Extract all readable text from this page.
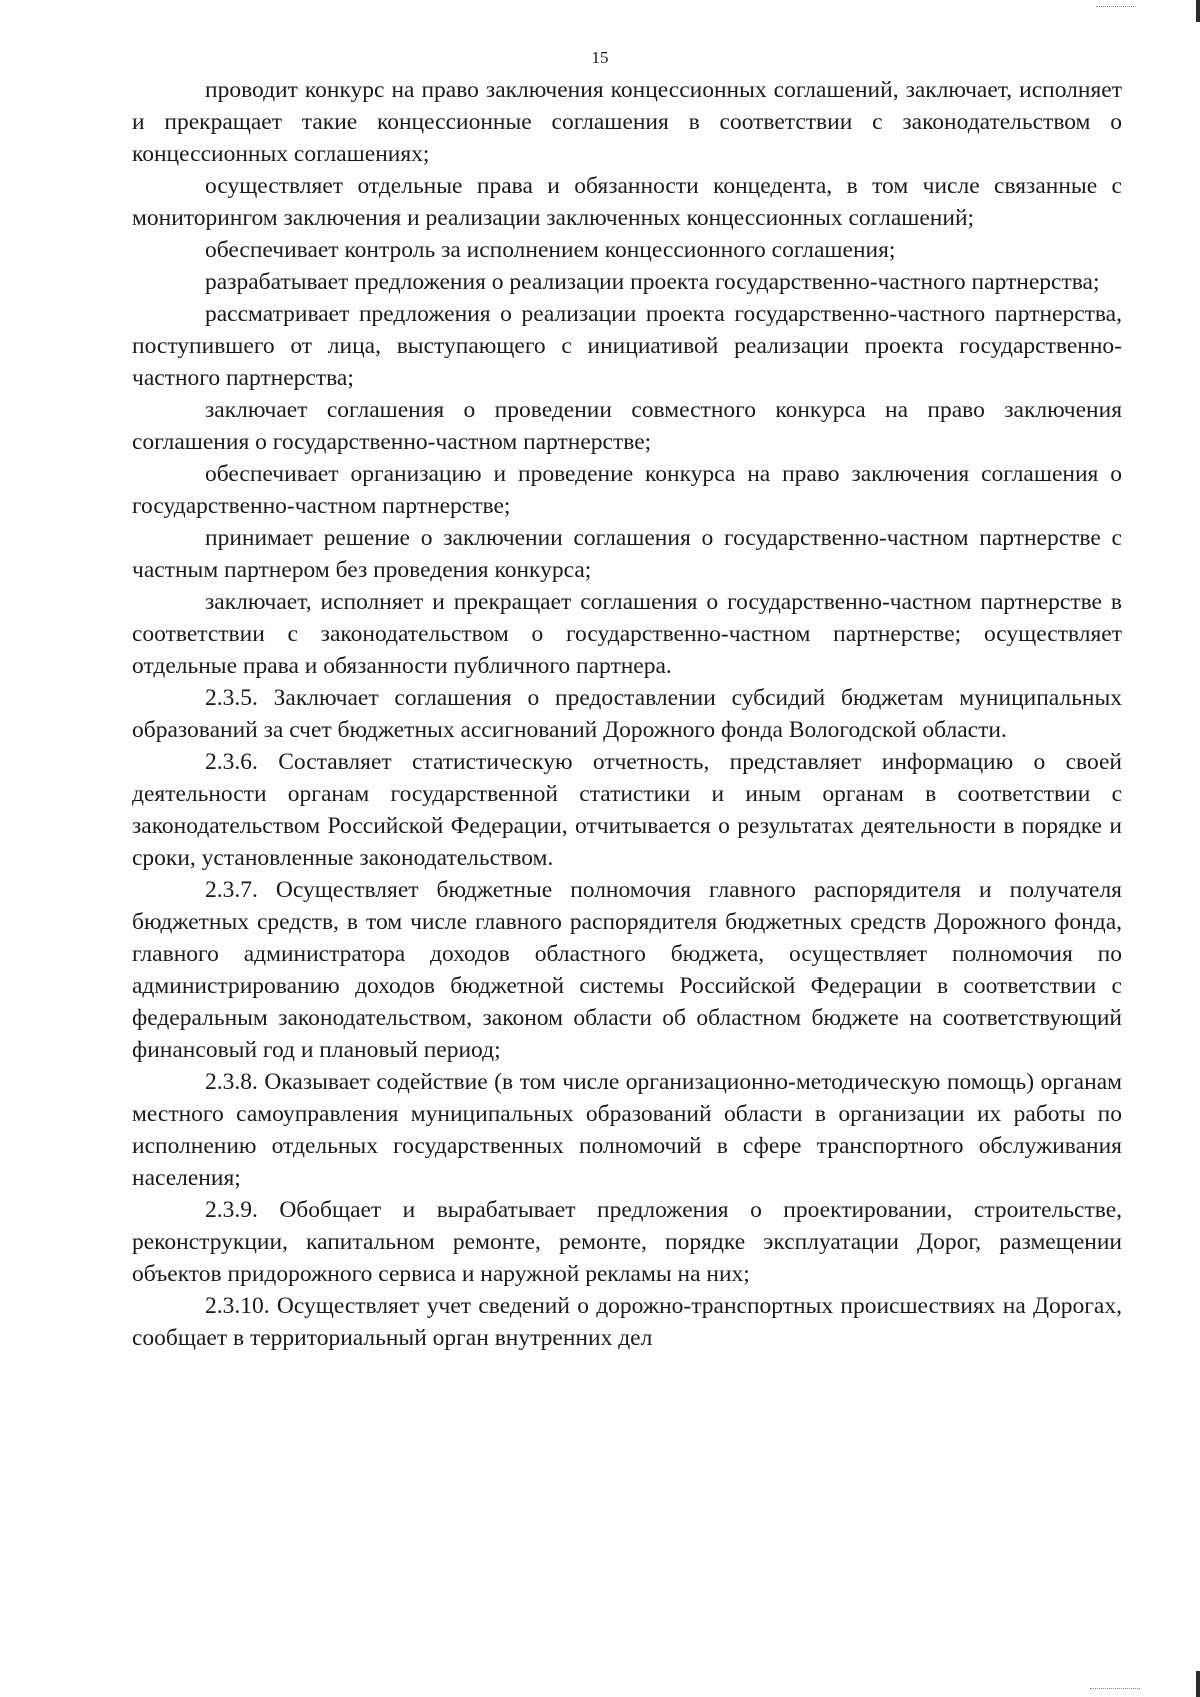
15

проводит конкурс на право заключения концессионных соглашений, заключает, исполняет и прекращает такие концессионные соглашения в соответствии с законодательством о концессионных соглашениях;

осуществляет отдельные права и обязанности концедента, в том числе связанные с мониторингом заключения и реализации заключенных концессионных соглашений;

обеспечивает контроль за исполнением концессионного соглашения;

разрабатывает предложения о реализации проекта государственно-частного партнерства;

рассматривает предложения о реализации проекта государственно-частного партнерства, поступившего от лица, выступающего с инициативой реализации проекта государственно-частного партнерства;

заключает соглашения о проведении совместного конкурса на право заключения соглашения о государственно-частном партнерстве;

обеспечивает организацию и проведение конкурса на право заключения соглашения о государственно-частном партнерстве;

принимает решение о заключении соглашения о государственно-частном партнерстве с частным партнером без проведения конкурса;

заключает, исполняет и прекращает соглашения о государственно-частном партнерстве в соответствии с законодательством о государственно-частном партнерстве; осуществляет отдельные права и обязанности публичного партнера.

2.3.5. Заключает соглашения о предоставлении субсидий бюджетам муниципальных образований за счет бюджетных ассигнований Дорожного фонда Вологодской области.

2.3.6. Составляет статистическую отчетность, представляет информацию о своей деятельности органам государственной статистики и иным органам в соответствии с законодательством Российской Федерации, отчитывается о результатах деятельности в порядке и сроки, установленные законодательством.

2.3.7. Осуществляет бюджетные полномочия главного распорядителя и получателя бюджетных средств, в том числе главного распорядителя бюджетных средств Дорожного фонда, главного администратора доходов областного бюджета, осуществляет полномочия по администрированию доходов бюджетной системы Российской Федерации в соответствии с федеральным законодательством, законом области об областном бюджете на соответствующий финансовый год и плановый период;

2.3.8. Оказывает содействие (в том числе организационно-методическую помощь) органам местного самоуправления муниципальных образований области в организации их работы по исполнению отдельных государственных полномочий в сфере транспортного обслуживания населения;

2.3.9. Обобщает и вырабатывает предложения о проектировании, строительстве, реконструкции, капитальном ремонте, ремонте, порядке эксплуатации Дорог, размещении объектов придорожного сервиса и наружной рекламы на них;

2.3.10. Осуществляет учет сведений о дорожно-транспортных происшествиях на Дорогах, сообщает в территориальный орган внутренних дел
